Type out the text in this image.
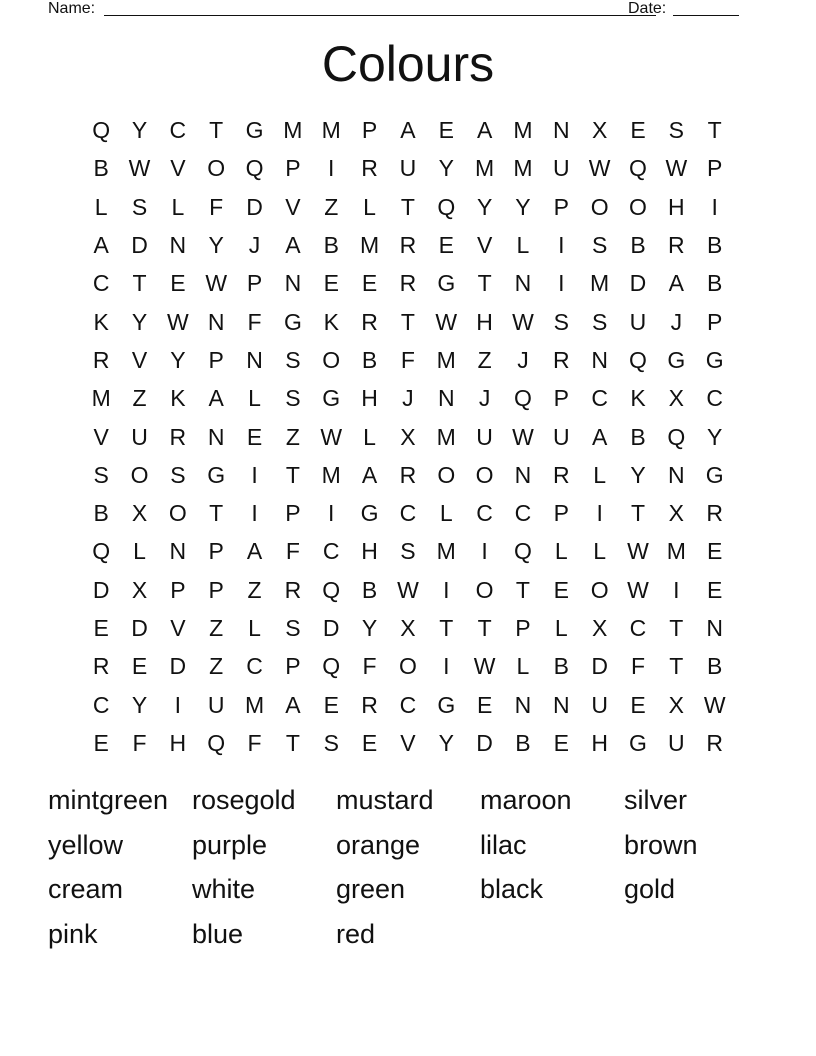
Name:	Date:
Colours
Q Y C	T G M M P	A	E	A M N X	E	S	T
B W V O Q P	I	R U Y M M U W Q W P
L	S	L	F	D V	Z	L	T Q Y	Y	P O O H	I
A D N Y	J	A	B M R E	V	L	I	S	B R B
C	T	E W P N E	E R G T	N	I	M D A	B
K	Y W N	F G K R	T W H W S	S U	J	P
R V	Y	P N S O B	F M Z	J	R N Q G G
M Z	K	A	L	S G H	J	N	J	Q P C K	X C
V U R N E	Z W L	X M U W U A	B Q Y
S O S G	I	T M A R O O N R	L	Y N G
B	X O T	I	P	I	G C	L	C C P	I	T	X R
Q	L	N P	A	F	C H S M	I	Q	L	L W M E
D X	P	P	Z	R Q B W	I	O T	E O W	I	E
E D V	Z	L	S D Y	X	T	T	P	L	X C	T	N
R E D	Z	C P Q F O	I	W L	B D	F	T	B
C Y	I	U M A	E R C G E N N U E	X W
E	F	H Q F	T	S	E	V	Y D B	E H G U R
mintgreen rosegold	mustard	maroon	silver
yellow	purple	orange	lilac	brown
cream	white	green	black	gold
pink	blue	red
